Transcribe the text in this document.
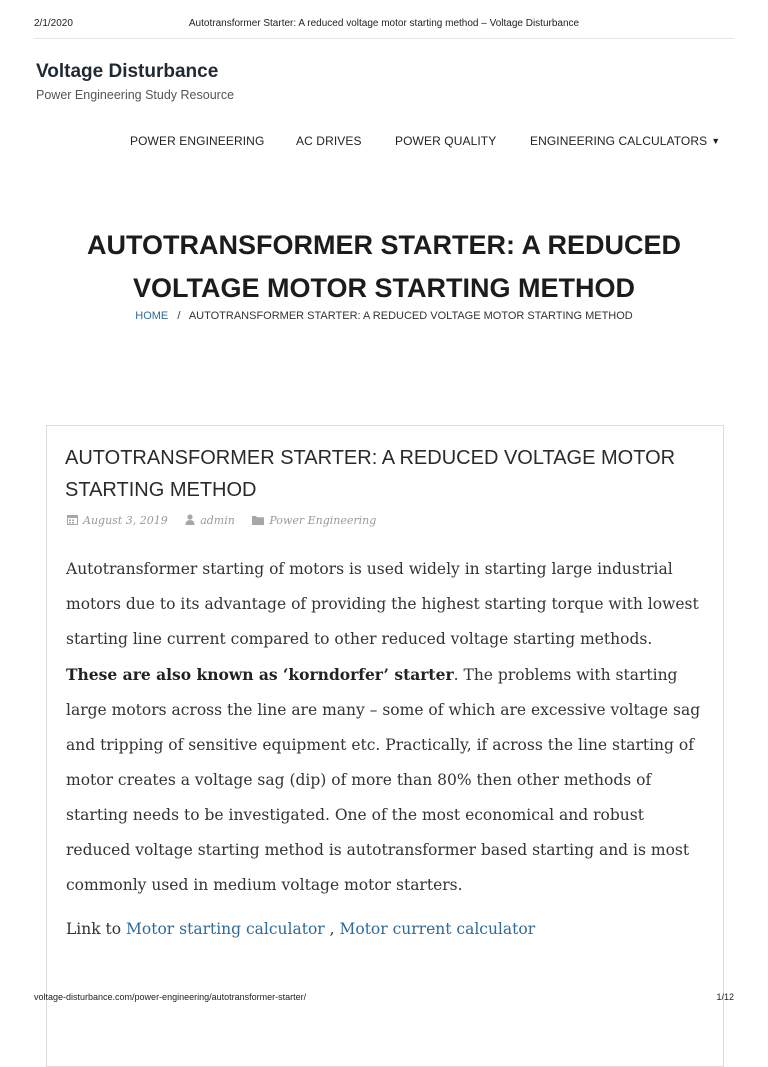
2/1/2020	Autotransformer Starter: A reduced voltage motor starting method – Voltage Disturbance
Voltage Disturbance
Power Engineering Study Resource
POWER ENGINEERING	AC DRIVES	POWER QUALITY	ENGINEERING CALCULATORS ▼
AUTOTRANSFORMER STARTER: A REDUCED
VOLTAGE MOTOR STARTING METHOD
HOME / AUTOTRANSFORMER STARTER: A REDUCED VOLTAGE MOTOR STARTING METHOD
AUTOTRANSFORMER STARTER: A REDUCED VOLTAGE MOTOR
STARTING METHOD
August 3, 2019	admin	Power Engineering
Autotransformer starting of motors is used widely in starting large industrial motors due to its advantage of providing the highest starting torque with lowest starting line current compared to other reduced voltage starting methods. These are also known as ‘korndorfer’ starter. The problems with starting large motors across the line are many – some of which are excessive voltage sag and tripping of sensitive equipment etc. Practically, if across the line starting of motor creates a voltage sag (dip) of more than 80% then other methods of starting needs to be investigated. One of the most economical and robust reduced voltage starting method is autotransformer based starting and is most commonly used in medium voltage motor starters.
Link to Motor starting calculator , Motor current calculator
voltage-disturbance.com/power-engineering/autotransformer-starter/	1/12
